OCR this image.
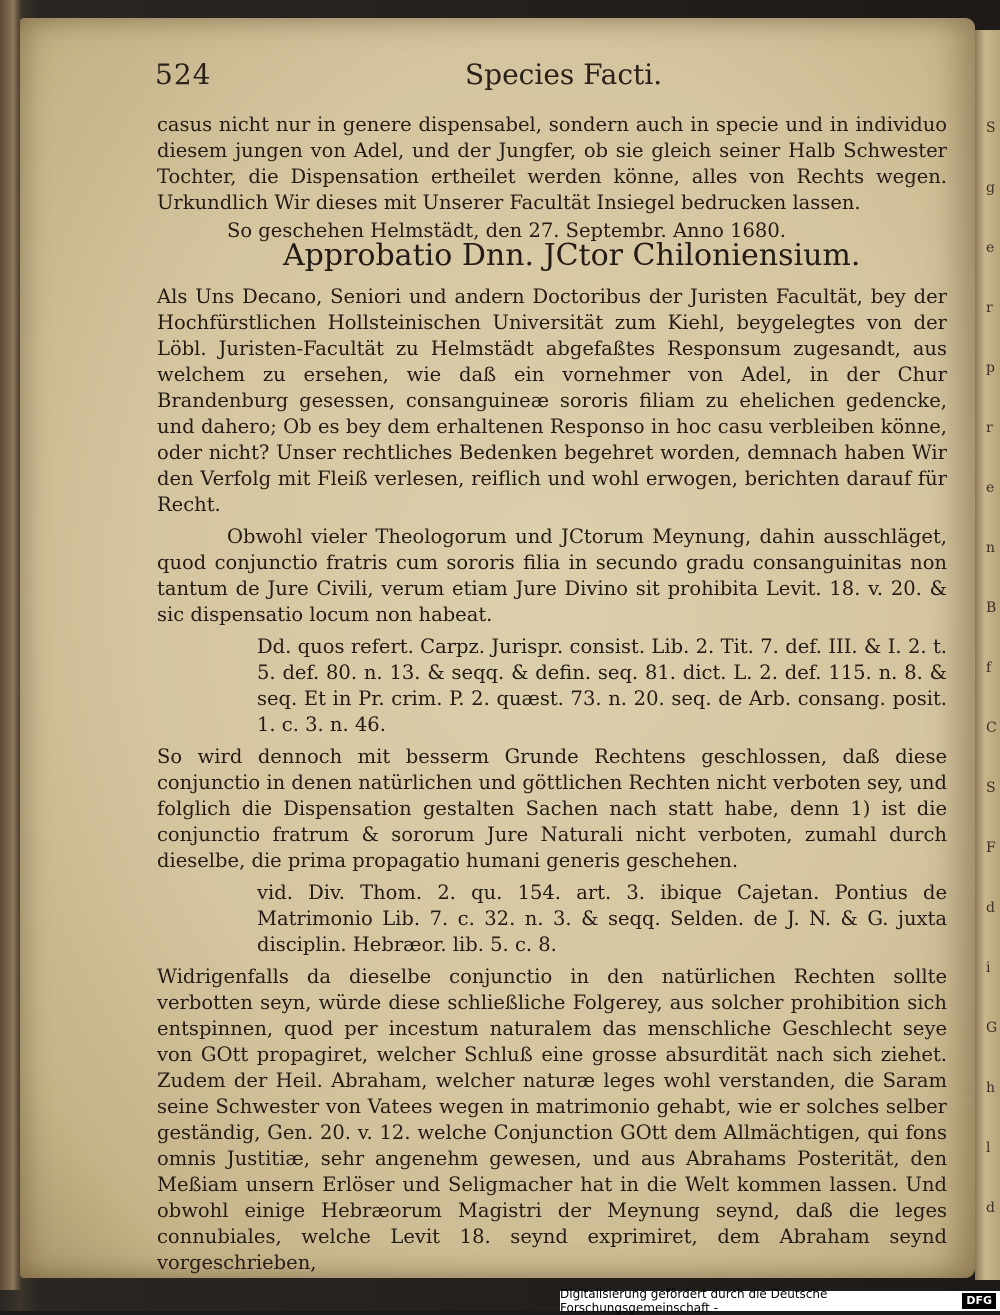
524	Species Facti.

casus nicht nur in genere dispensabel, sondern auch in specie und in individuo diesem jungen von Adel, und der Jungfer, ob sie gleich seiner Halb Schwester Tochter, die Dispensation ertheilet werden könne, alles von Rechts wegen. Urkundlich Wir dieses mit Unserer Facultät Insiegel bedrucken lassen.

So geschehen Helmstädt, den 27. Septembr. Anno 1680.

Approbatio Dnn. JCtor Chiloniensium.

Als Uns Decano, Seniori und andern Doctoribus der Juristen Facultät, bey der Hochfürstlichen Hollsteinischen Universität zum Kiehl, beygelegtes von der Löbl. Juristen-Facultät zu Helmstädt abgefaßtes Responsum zugesandt, aus welchem zu ersehen, wie daß ein vornehmer von Adel, in der Chur Brandenburg gesessen, consanguineæ sororis filiam zu ehelichen gedencke, und dahero; Ob es bey dem erhaltenen Responso in hoc casu verbleiben könne, oder nicht? Unser rechtliches Bedenken begehret worden, demnach haben Wir den Verfolg mit Fleiß verlesen, reiflich und wohl erwogen, berichten darauf für Recht.

Obwohl vieler Theologorum und JCtorum Meynung, dahin ausschläget, quod conjunctio fratris cum sororis filia in secundo gradu consanguinitas non tantum de Jure Civili, verum etiam Jure Divino sit prohibita Levit. 18. v. 20. & sic dispensatio locum non habeat.

Dd. quos refert. Carpz. Jurispr. consist. Lib. 2. Tit. 7. def. III. & I. 2. t. 5. def. 80. n. 13. & seqq. & defin. seq. 81. dict. L. 2. def. 115. n. 8. & seq. Et in Pr. crim. P. 2. quæst. 73. n. 20. seq. de Arb. consang. posit. 1. c. 3. n. 46.

So wird dennoch mit besserm Grunde Rechtens geschlossen, daß diese conjunctio in denen natürlichen und göttlichen Rechten nicht verboten sey, und folglich die Dispensation gestalten Sachen nach statt habe, denn 1) ist die conjunctio fratrum & sororum Jure Naturali nicht verboten, zumahl durch dieselbe, die prima propagatio humani generis geschehen.

vid. Div. Thom. 2. qu. 154. art. 3. ibique Cajetan. Pontius de Matrimonio Lib. 7. c. 32. n. 3. & seqq. Selden. de J. N. & G. juxta disciplin. Hebræor. lib. 5. c. 8.

Widrigenfalls da dieselbe conjunctio in den natürlichen Rechten sollte verbotten seyn, würde diese schließliche Folgerey, aus solcher prohibition sich entspinnen, quod per incestum naturalem das menschliche Geschlecht seye von GOtt propagiret, welcher Schluß eine grosse absurdität nach sich ziehet. Zudem der Heil. Abraham, welcher naturæ leges wohl verstanden, die Saram seine Schwester von Vatees wegen in matrimonio gehabt, wie er solches selber geständig, Gen. 20. v. 12. welche Conjunction GOtt dem Allmächtigen, qui fons omnis Justitiæ, sehr angenehm gewesen, und aus Abrahams Posterität, den Meßiam unsern Erlöser und Seligmacher hat in die Welt kommen lassen. Und obwohl einige Hebræorum Magistri der Meynung seynd, daß die leges connubiales, welche Levit 18. seynd exprimiret, dem Abraham seynd vorgeschrieben,

S
g
e
r
p
r
e
n
B
f
C
S
F
d
i
G
h
l
d
Digitalisierung gefördert durch die Deutsche Forschungsgemeinschaft -
DFG
